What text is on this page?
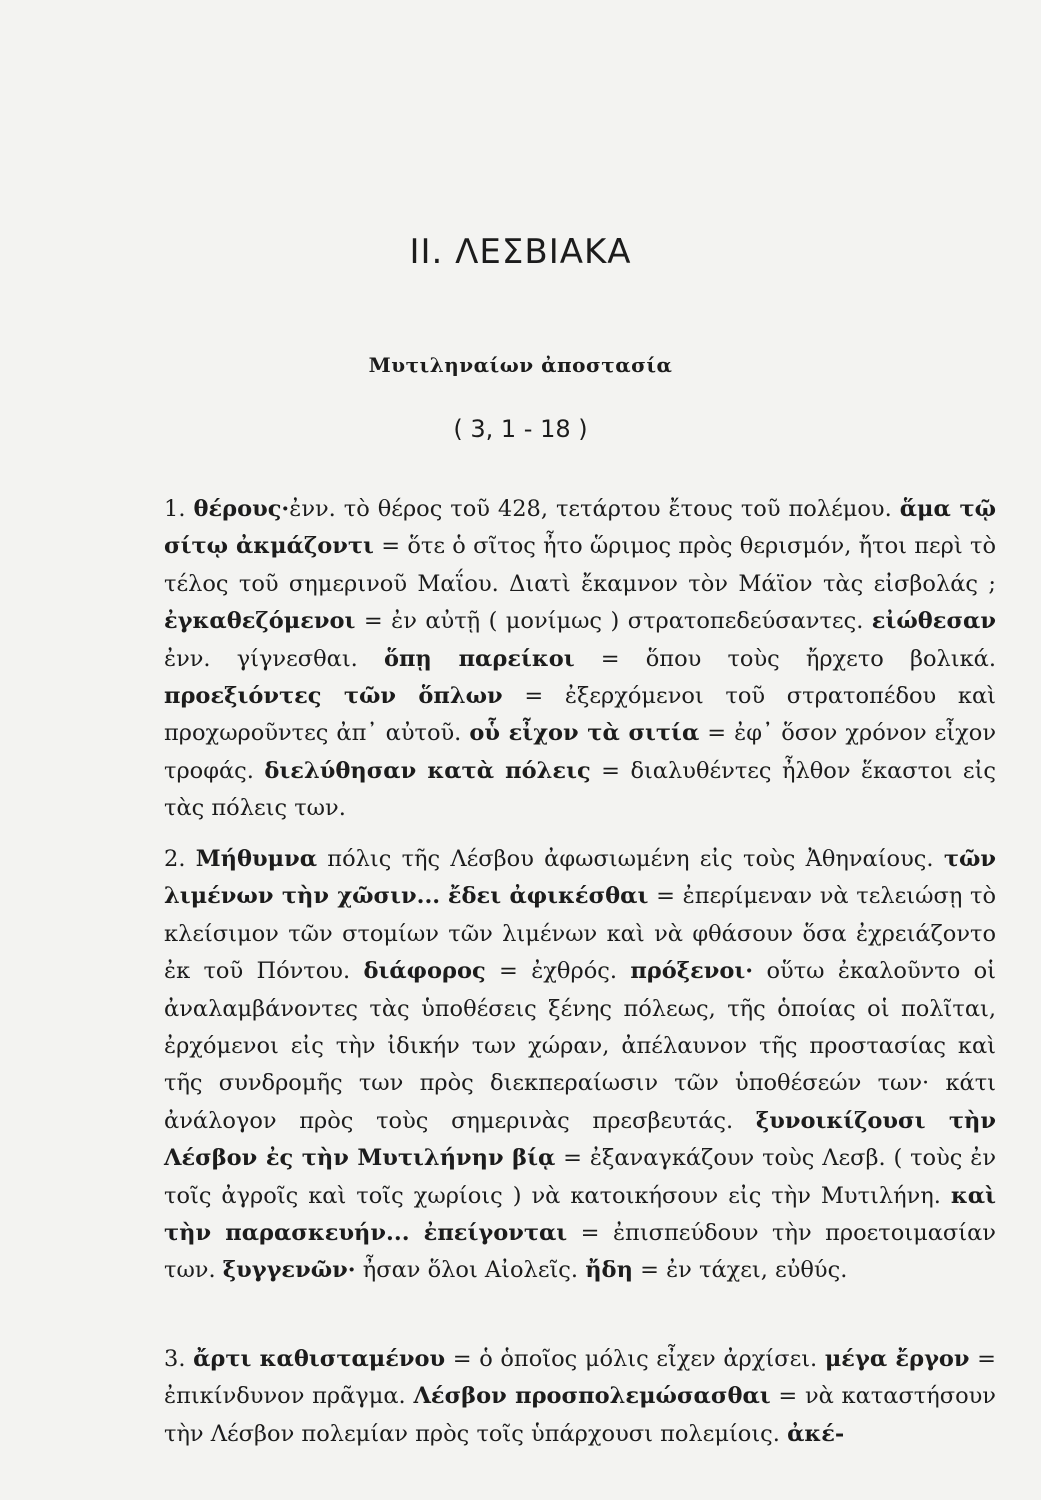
ΙΙ. ΛΕΣΒΙΑΚΑ
Μυτιληναίων ἀποστασία
( 3, 1 - 18 )

1. θέρους·ἐνν. τὸ θέρος τοῦ 428, τετάρτου ἔτους τοῦ πολέμου. ἅμα τῷ σίτῳ ἀκμάζοντι = ὅτε ὁ σῖτος ἦτο ὥριμος πρὸς θερισμόν, ἤτοι περὶ τὸ τέλος τοῦ σημερινοῦ Μαΐου. Διατὶ ἔκαμνον τὸν Μάϊον τὰς εἰσβολάς ; ἐγκαθεζόμενοι = ἐν αὐτῇ ( μονίμως ) στρατοπεδεύσαντες. εἰώθεσαν ἐνν. γίγνεσθαι. ὅπῃ παρείκοι = ὅπου τοὺς ἤρχετο βολικά. προεξιόντες τῶν ὅπλων = ἐξερχόμενοι τοῦ στρατοπέδου καὶ προχωροῦντες ἀπ᾿ αὐτοῦ. οὗ εἶχον τὰ σιτία = ἐφ᾿ ὅσον χρόνον εἶχον τροφάς. διελύθησαν κατὰ πόλεις = διαλυθέντες ἦλθον ἕκαστοι εἰς τὰς πόλεις των.

2. Μήθυμνα πόλις τῆς Λέσβου ἀφωσιωμένη εἰς τοὺς Ἀθηναίους. τῶν λιμένων τὴν χῶσιν... ἔδει ἀφικέσθαι = ἐπερίμεναν νὰ τελειώσῃ τὸ κλείσιμον τῶν στομίων τῶν λιμένων καὶ νὰ φθάσουν ὅσα ἐχρειάζοντο ἐκ τοῦ Πόντου. διάφορος = ἐχθρός. πρόξενοι· οὕτω ἐκαλοῦντο οἱ ἀναλαμβάνοντες τὰς ὑποθέσεις ξένης πόλεως, τῆς ὁποίας οἱ πολῖται, ἐρχόμενοι εἰς τὴν ἰδικήν των χώραν, ἀπέλαυνον τῆς προστασίας καὶ τῆς συνδρομῆς των πρὸς διεκπεραίωσιν τῶν ὑποθέσεών των· κάτι ἀνάλογον πρὸς τοὺς σημερινὰς πρεσβευτάς. ξυνοικίζουσι τὴν Λέσβον ἐς τὴν Μυτιλήνην βίᾳ = ἐξαναγκάζουν τοὺς Λεσβ. ( τοὺς ἐν τοῖς ἀγροῖς καὶ τοῖς χωρίοις ) νὰ κατοικήσουν εἰς τὴν Μυτιλήνη. καὶ τὴν παρασκευήν... ἐπείγονται = ἐπισπεύδουν τὴν προετοιμασίαν των. ξυγγενῶν· ἦσαν ὅλοι Αἰολεῖς. ἤδη = ἐν τάχει, εὐθύς.

3. ἄρτι καθισταμένου = ὁ ὁποῖος μόλις εἶχεν ἀρχίσει. μέγα ἔργον = ἐπικίνδυνον πρᾶγμα. Λέσβον προσπολεμώσασθαι = νὰ καταστήσουν τὴν Λέσβον πολεμίαν πρὸς τοῖς ὑπάρχουσι πολεμίοις. ἀκέ-
